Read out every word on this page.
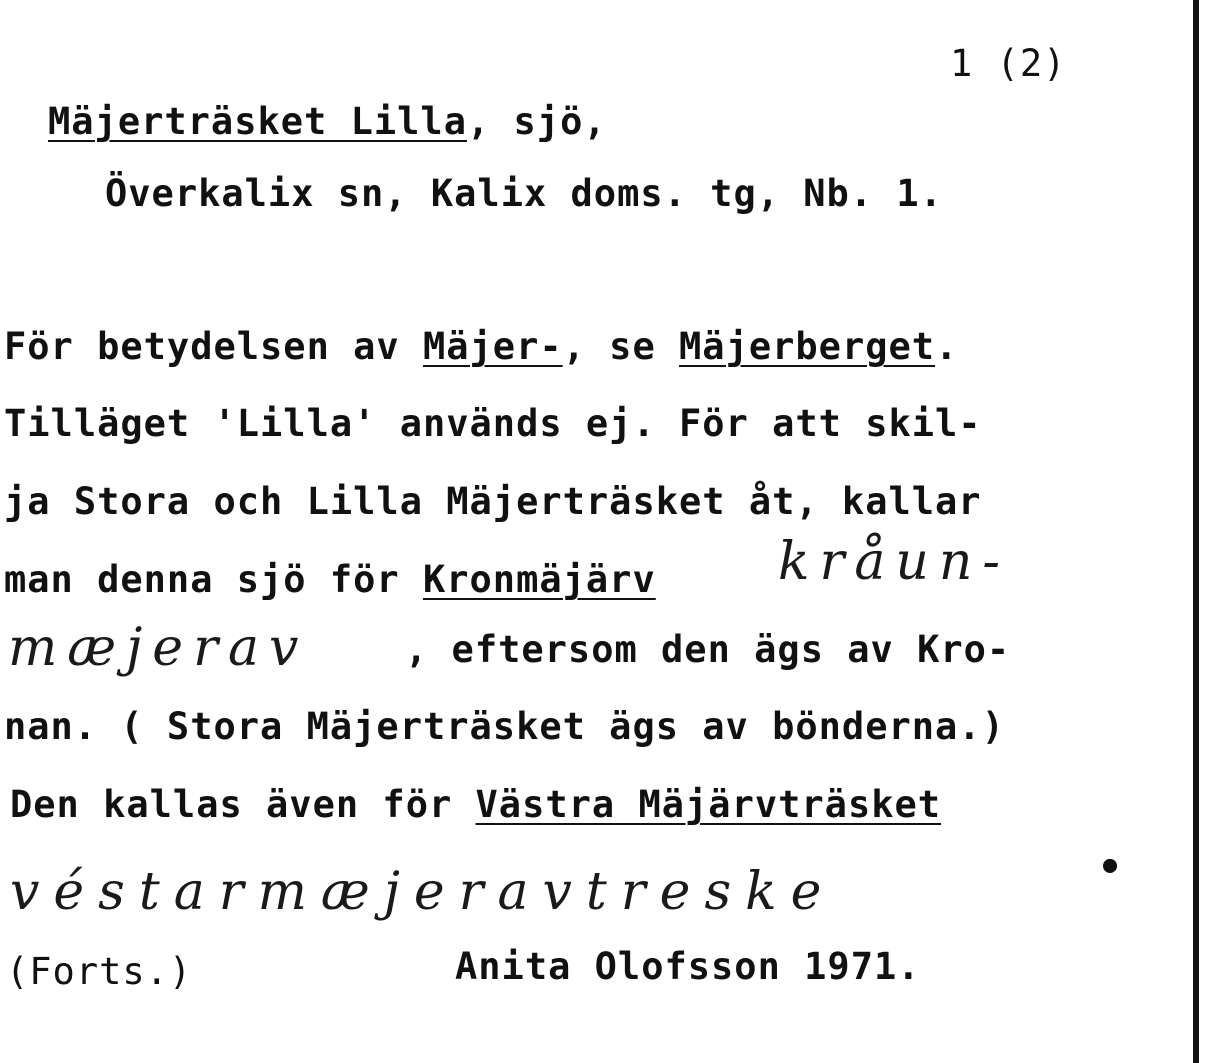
1 (2)
Mäjerträsket Lilla, sjö,
Överkalix sn, Kalix doms. tg, Nb. 1.
För betydelsen av Mäjer-, se Mäjerberget.
Tilläget 'Lilla' används ej. För att skil-
ja Stora och Lilla Mäjerträsket åt, kallar
man denna sjö för Kronmäjärv kråun-
mæjerav	, eftersom den ägs av Kro-
nan. ( Stora Mäjerträsket ägs av bönderna.)
Den kallas även för Västra Mäjärvträsket
véstarmæjeravtreske	•
(Forts.)	Anita Olofsson 1971.
